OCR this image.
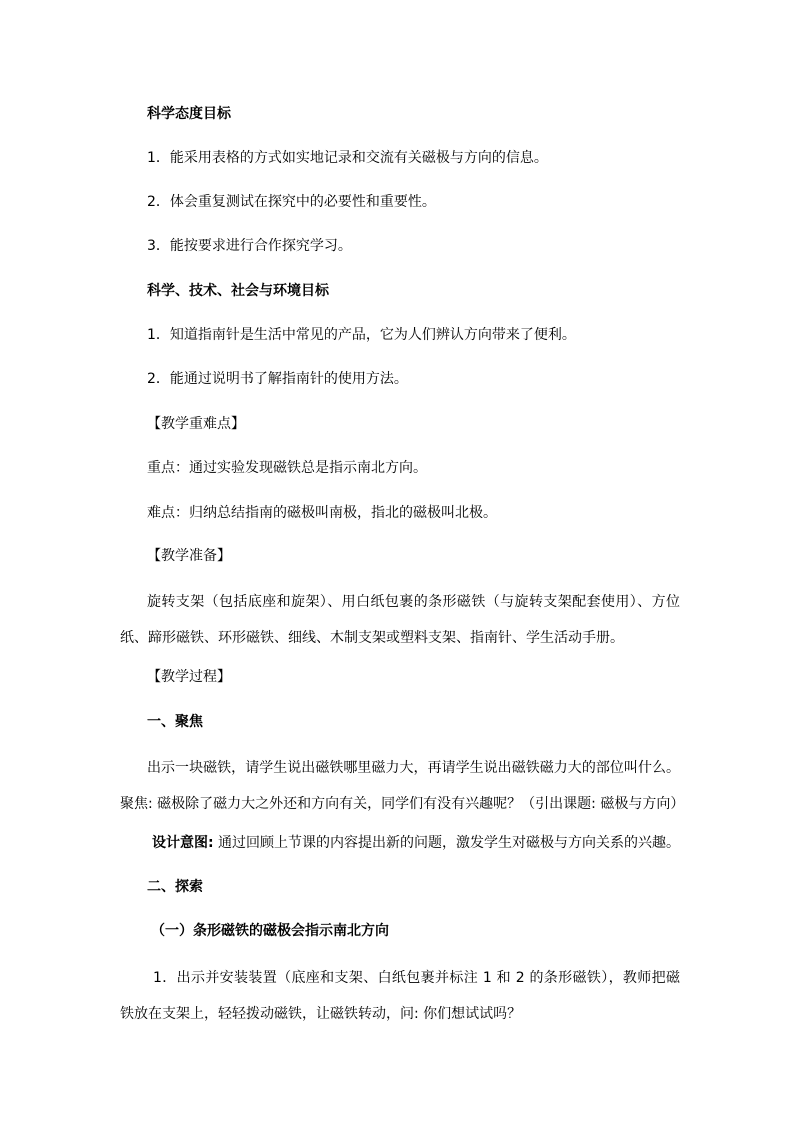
科学态度目标
1．能采用表格的方式如实地记录和交流有关磁极与方向的信息。
2．体会重复测试在探究中的必要性和重要性。
3．能按要求进行合作探究学习。
科学、技术、社会与环境目标
1．知道指南针是生活中常见的产品，它为人们辨认方向带来了便利。
2．能通过说明书了解指南针的使用方法。
【教学重难点】
重点：通过实验发现磁铁总是指示南北方向。
难点：归纳总结指南的磁极叫南极，指北的磁极叫北极。
【教学准备】
旋转支架（包括底座和旋架）、用白纸包裹的条形磁铁（与旋转支架配套使用）、方位纸、蹄形磁铁、环形磁铁、细线、木制支架或塑料支架、指南针、学生活动手册。
【教学过程】
一、聚焦
出示一块磁铁，请学生说出磁铁哪里磁力大，再请学生说出磁铁磁力大的部位叫什么。聚焦: 磁极除了磁力大之外还和方向有关，同学们有没有兴趣呢？（引出课题: 磁极与方向）
设计意图: 通过回顾上节课的内容提出新的问题，激发学生对磁极与方向关系的兴趣。
二、探索
（一）条形磁铁的磁极会指示南北方向
1．出示并安装装置（底座和支架、白纸包裹并标注 1 和 2 的条形磁铁），教师把磁铁放在支架上，轻轻拨动磁铁，让磁铁转动，问: 你们想试试吗？
